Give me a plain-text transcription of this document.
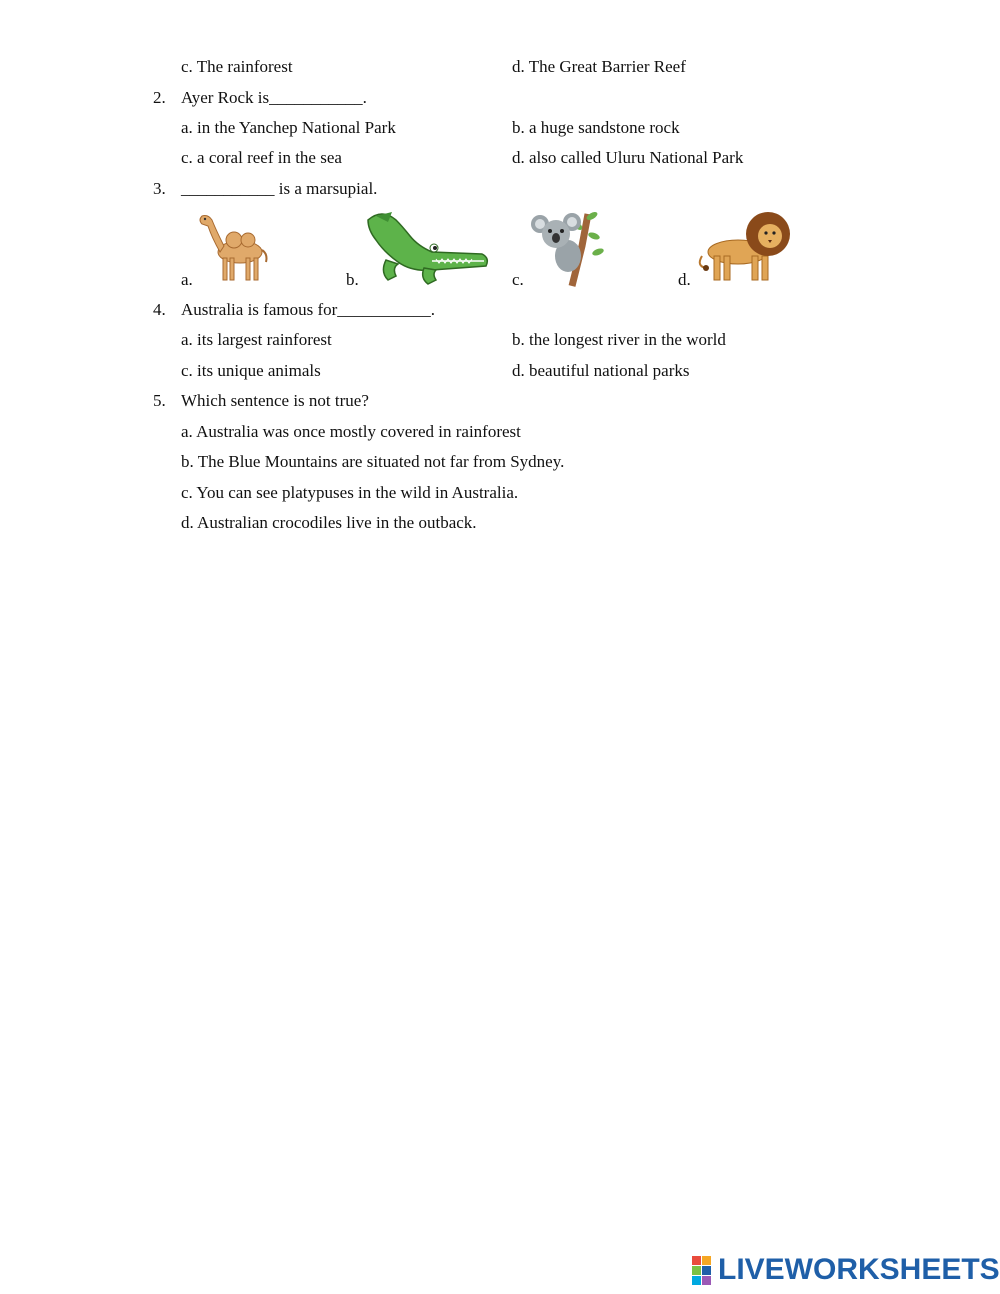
c. The rainforest	d. The Great Barrier Reef
2. Ayer Rock is___________.
a. in the Yanchep National Park	b. a huge sandstone rock
c. a coral reef in the sea	d. also called Uluru National Park
3. ___________ is a marsupial.
a.	b.	c.	d.
4. Australia is famous for___________.
a. its largest rainforest	b. the longest river in the world
c. its unique animals	d. beautiful national parks
5. Which sentence is not true?
a. Australia was once mostly covered in rainforest
b. The Blue Mountains are situated not far from Sydney.
c. You can see platypuses in the wild in Australia.
d. Australian crocodiles live in the outback.
LIVEWORKSHEETS
